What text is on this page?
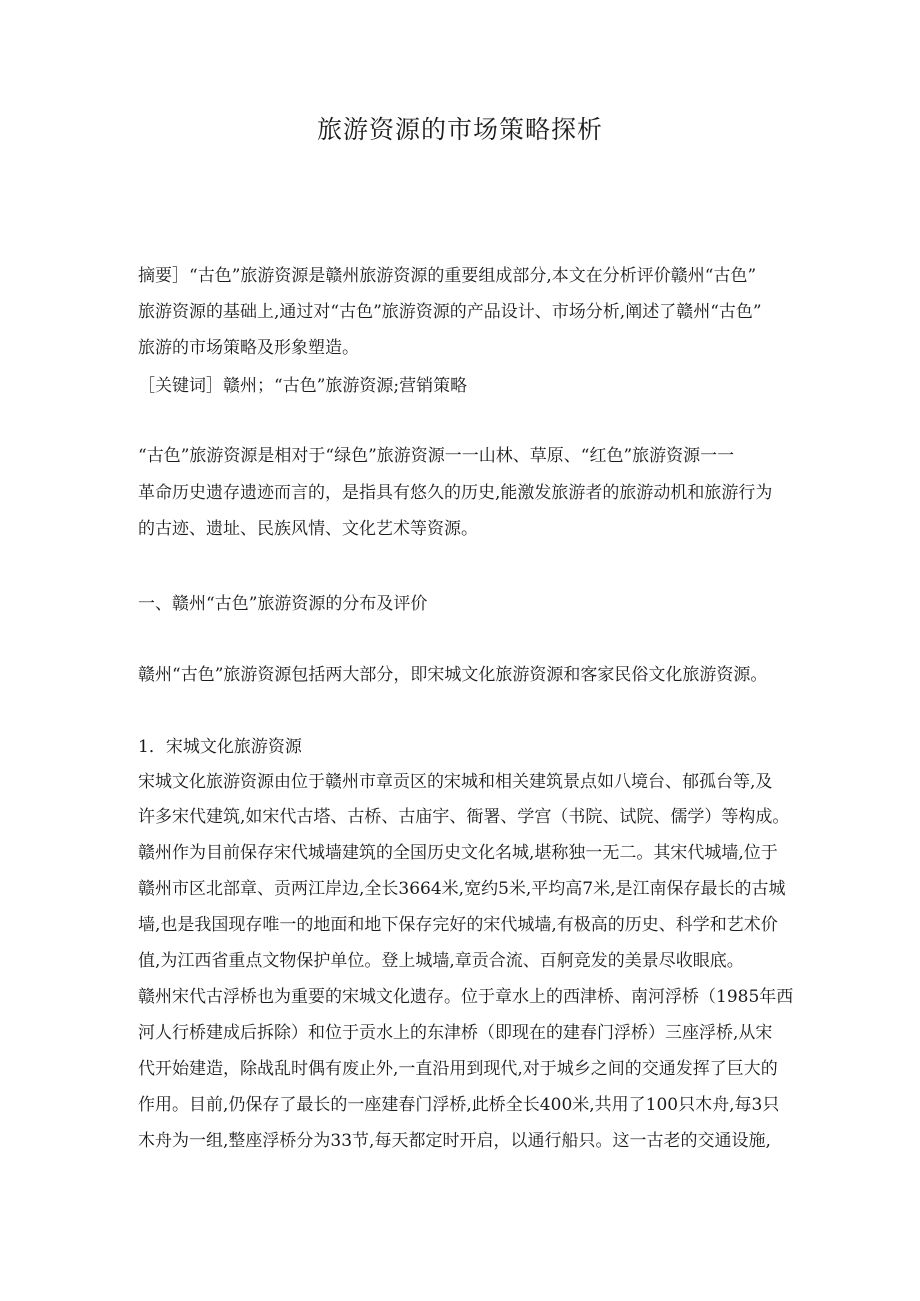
旅游资源的市场策略探析
摘要］“古色”旅游资源是赣州旅游资源的重要组成部分,本文在分析评价赣州“古色”
旅游资源的基础上,通过对“古色”旅游资源的产品设计、市场分析,阐述了赣州“古色”
旅游的市场策略及形象塑造。
［关键词］赣州；“古色”旅游资源;营销策略
“古色”旅游资源是相对于“绿色”旅游资源一一山林、草原、“红色”旅游资源一一
革命历史遗存遗迹而言的，是指具有悠久的历史,能激发旅游者的旅游动机和旅游行为
的古迹、遗址、民族风情、文化艺术等资源。
一、赣州“古色”旅游资源的分布及评价
赣州“古色”旅游资源包括两大部分，即宋城文化旅游资源和客家民俗文化旅游资源。
1．宋城文化旅游资源
宋城文化旅游资源由位于赣州市章贡区的宋城和相关建筑景点如八境台、郁孤台等,及
许多宋代建筑,如宋代古塔、古桥、古庙宇、衙署、学宫（书院、试院、儒学）等构成。
赣州作为目前保存宋代城墙建筑的全国历史文化名城,堪称独一无二。其宋代城墙,位于
赣州市区北部章、贡两江岸边,全长3664米,宽约5米,平均高7米,是江南保存最长的古城
墙,也是我国现存唯一的地面和地下保存完好的宋代城墙,有极高的历史、科学和艺术价
值,为江西省重点文物保护单位。登上城墙,章贡合流、百舸竞发的美景尽收眼底。
赣州宋代古浮桥也为重要的宋城文化遗存。位于章水上的西津桥、南河浮桥（1985年西
河人行桥建成后拆除）和位于贡水上的东津桥（即现在的建春门浮桥）三座浮桥,从宋
代开始建造，除战乱时偶有废止外,一直沿用到现代,对于城乡之间的交通发挥了巨大的
作用。目前,仍保存了最长的一座建春门浮桥,此桥全长400米,共用了100只木舟,每3只
木舟为一组,整座浮桥分为33节,每天都定时开启，以通行船只。这一古老的交通设施,
